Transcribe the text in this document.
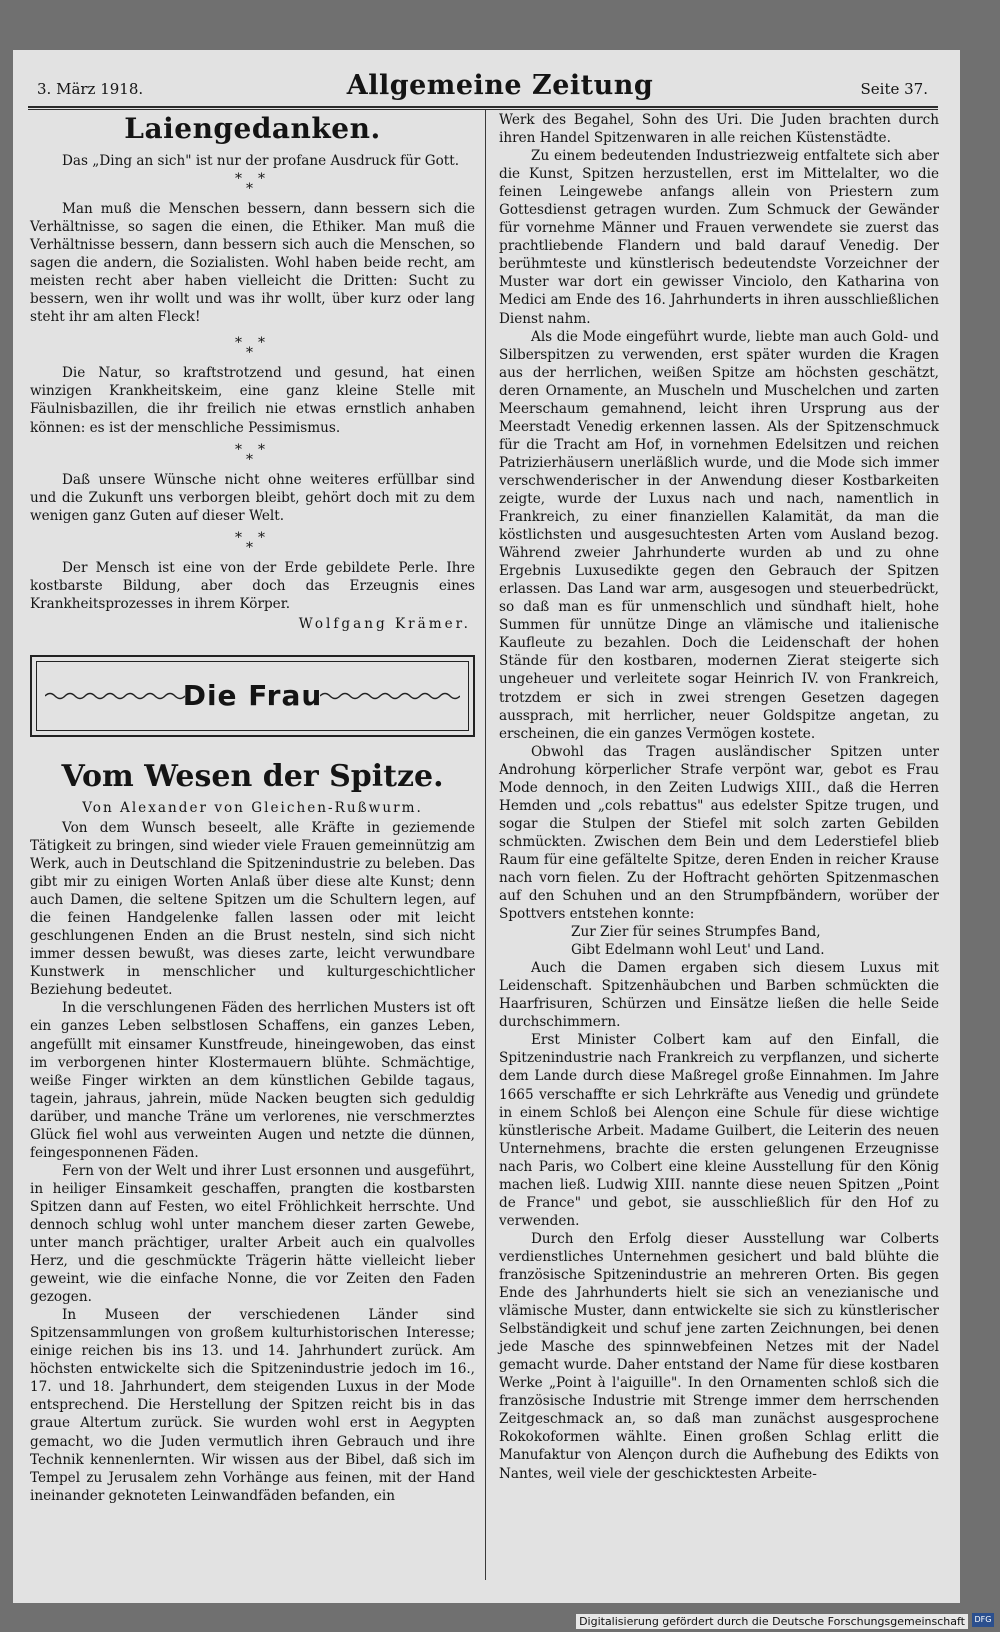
3. März 1918.	Allgemeine Zeitung	Seite 37.
Laiengedanken.

Das „Ding an sich" ist nur der profane Ausdruck für Gott.

* *
*

Man muß die Menschen bessern, dann bessern sich die Verhältnisse, so sagen die einen, die Ethiker. Man muß die Verhältnisse bessern, dann bessern sich auch die Menschen, so sagen die andern, die Sozialisten. Wohl haben beide recht, am meisten recht aber haben vielleicht die Dritten: Sucht zu bessern, wen ihr wollt und was ihr wollt, über kurz oder lang steht ihr am alten Fleck!

* *
*

Die Natur, so kraftstrotzend und gesund, hat einen winzigen Krankheitskeim, eine ganz kleine Stelle mit Fäulnisbazillen, die ihr freilich nie etwas ernstlich anhaben können: es ist der menschliche Pessimismus.

* *
*

Daß unsere Wünsche nicht ohne weiteres erfüllbar sind und die Zukunft uns verborgen bleibt, gehört doch mit zu dem wenigen ganz Guten auf dieser Welt.

* *
*

Der Mensch ist eine von der Erde gebildete Perle. Ihre kostbarste Bildung, aber doch das Erzeugnis eines Krankheitsprozesses in ihrem Körper.

Wolfgang Krämer.
Die Frau
Vom Wesen der Spitze.
Von Alexander von Gleichen-Rußwurm.

Von dem Wunsch beseelt, alle Kräfte in geziemende Tätigkeit zu bringen, sind wieder viele Frauen gemeinnützig am Werk, auch in Deutschland die Spitzenindustrie zu beleben. Das gibt mir zu einigen Worten Anlaß über diese alte Kunst; denn auch Damen, die seltene Spitzen um die Schultern legen, auf die feinen Handgelenke fallen lassen oder mit leicht geschlungenen Enden an die Brust nesteln, sind sich nicht immer dessen bewußt, was dieses zarte, leicht verwundbare Kunstwerk in menschlicher und kulturgeschichtlicher Beziehung bedeutet.

In die verschlungenen Fäden des herrlichen Musters ist oft ein ganzes Leben selbstlosen Schaffens, ein ganzes Leben, angefüllt mit einsamer Kunstfreude, hineingewoben, das einst im verborgenen hinter Klostermauern blühte. Schmächtige, weiße Finger wirkten an dem künstlichen Gebilde tagaus, tagein, jahraus, jahrein, müde Nacken beugten sich geduldig darüber, und manche Träne um verlorenes, nie verschmerztes Glück fiel wohl aus verweinten Augen und netzte die dünnen, feingesponnenen Fäden.

Fern von der Welt und ihrer Lust ersonnen und ausgeführt, in heiliger Einsamkeit geschaffen, prangten die kostbarsten Spitzen dann auf Festen, wo eitel Fröhlichkeit herrschte. Und dennoch schlug wohl unter manchem dieser zarten Gewebe, unter manch prächtiger, uralter Arbeit auch ein qualvolles Herz, und die geschmückte Trägerin hätte vielleicht lieber geweint, wie die einfache Nonne, die vor Zeiten den Faden gezogen.

In Museen der verschiedenen Länder sind Spitzensammlungen von großem kulturhistorischen Interesse; einige reichen bis ins 13. und 14. Jahrhundert zurück. Am höchsten entwickelte sich die Spitzenindustrie jedoch im 16., 17. und 18. Jahrhundert, dem steigenden Luxus in der Mode entsprechend. Die Herstellung der Spitzen reicht bis in das graue Altertum zurück. Sie wurden wohl erst in Aegypten gemacht, wo die Juden vermutlich ihren Gebrauch und ihre Technik kennenlernten. Wir wissen aus der Bibel, daß sich im Tempel zu Jerusalem zehn Vorhänge aus feinen, mit der Hand ineinander geknoteten Leinwandfäden befanden, ein

Werk des Begahel, Sohn des Uri. Die Juden brachten durch ihren Handel Spitzenwaren in alle reichen Küstenstädte.

Zu einem bedeutenden Industriezweig entfaltete sich aber die Kunst, Spitzen herzustellen, erst im Mittelalter, wo die feinen Leingewebe anfangs allein von Priestern zum Gottesdienst getragen wurden. Zum Schmuck der Gewänder für vornehme Männer und Frauen verwendete sie zuerst das prachtliebende Flandern und bald darauf Venedig. Der berühmteste und künstlerisch bedeutendste Vorzeichner der Muster war dort ein gewisser Vinciolo, den Katharina von Medici am Ende des 16. Jahrhunderts in ihren ausschließlichen Dienst nahm.

Als die Mode eingeführt wurde, liebte man auch Gold- und Silberspitzen zu verwenden, erst später wurden die Kragen aus der herrlichen, weißen Spitze am höchsten geschätzt, deren Ornamente, an Muscheln und Muschelchen und zarten Meerschaum gemahnend, leicht ihren Ursprung aus der Meerstadt Venedig erkennen lassen. Als der Spitzenschmuck für die Tracht am Hof, in vornehmen Edelsitzen und reichen Patrizierhäusern unerläßlich wurde, und die Mode sich immer verschwenderischer in der Anwendung dieser Kostbarkeiten zeigte, wurde der Luxus nach und nach, namentlich in Frankreich, zu einer finanziellen Kalamität, da man die köstlichsten und ausgesuchtesten Arten vom Ausland bezog. Während zweier Jahrhunderte wurden ab und zu ohne Ergebnis Luxusedikte gegen den Gebrauch der Spitzen erlassen. Das Land war arm, ausgesogen und steuerbedrückt, so daß man es für unmenschlich und sündhaft hielt, hohe Summen für unnütze Dinge an vlämische und italienische Kaufleute zu bezahlen. Doch die Leidenschaft der hohen Stände für den kostbaren, modernen Zierat steigerte sich ungeheuer und verleitete sogar Heinrich IV. von Frankreich, trotzdem er sich in zwei strengen Gesetzen dagegen aussprach, mit herrlicher, neuer Goldspitze angetan, zu erscheinen, die ein ganzes Vermögen kostete.

Obwohl das Tragen ausländischer Spitzen unter Androhung körperlicher Strafe verpönt war, gebot es Frau Mode dennoch, in den Zeiten Ludwigs XIII., daß die Herren Hemden und „cols rebattus" aus edelster Spitze trugen, und sogar die Stulpen der Stiefel mit solch zarten Gebilden schmückten. Zwischen dem Bein und dem Lederstiefel blieb Raum für eine gefältelte Spitze, deren Enden in reicher Krause nach vorn fielen. Zu der Hoftracht gehörten Spitzenmaschen auf den Schuhen und an den Strumpfbändern, worüber der Spottvers entstehen konnte:

Zur Zier für seines Strumpfes Band,

Gibt Edelmann wohl Leut' und Land.

Auch die Damen ergaben sich diesem Luxus mit Leidenschaft. Spitzenhäubchen und Barben schmückten die Haarfrisuren, Schürzen und Einsätze ließen die helle Seide durchschimmern.

Erst Minister Colbert kam auf den Einfall, die Spitzenindustrie nach Frankreich zu verpflanzen, und sicherte dem Lande durch diese Maßregel große Einnahmen. Im Jahre 1665 verschaffte er sich Lehrkräfte aus Venedig und gründete in einem Schloß bei Alençon eine Schule für diese wichtige künstlerische Arbeit. Madame Guilbert, die Leiterin des neuen Unternehmens, brachte die ersten gelungenen Erzeugnisse nach Paris, wo Colbert eine kleine Ausstellung für den König machen ließ. Ludwig XIII. nannte diese neuen Spitzen „Point de France" und gebot, sie ausschließlich für den Hof zu verwenden.

Durch den Erfolg dieser Ausstellung war Colberts verdienstliches Unternehmen gesichert und bald blühte die französische Spitzenindustrie an mehreren Orten. Bis gegen Ende des Jahrhunderts hielt sie sich an venezianische und vlämische Muster, dann entwickelte sie sich zu künstlerischer Selbständigkeit und schuf jene zarten Zeichnungen, bei denen jede Masche des spinnwebfeinen Netzes mit der Nadel gemacht wurde. Daher entstand der Name für diese kostbaren Werke „Point à l'aiguille". In den Ornamenten schloß sich die französische Industrie mit Strenge immer dem herrschenden Zeitgeschmack an, so daß man zunächst ausgesprochene Rokokoformen wählte. Einen großen Schlag erlitt die Manufaktur von Alençon durch die Aufhebung des Edikts von Nantes, weil viele der geschicktesten Arbeite-

Digitalisierung gefördert durch die Deutsche Forschungsgemeinschaft	DFG
